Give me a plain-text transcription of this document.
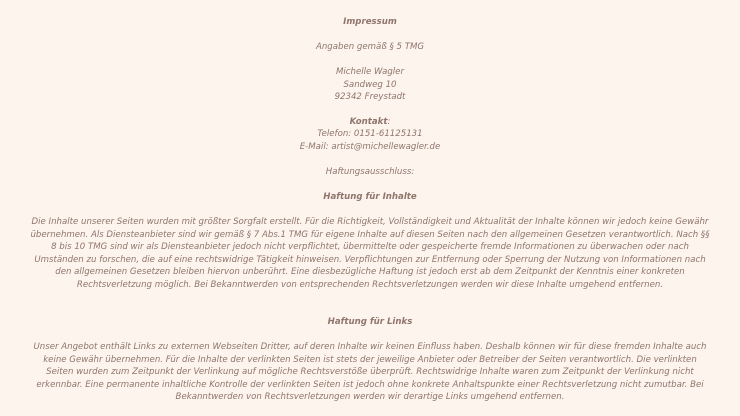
Impressum
Angaben gemäß § 5 TMG
Michelle Wagler
Sandweg 10
92342 Freystadt
Kontakt:
Telefon: 0151-61125131
E-Mail: artist@michellewagler.de
Haftungsausschluss:
Haftung für Inhalte
Die Inhalte unserer Seiten wurden mit größter Sorgfalt erstellt. Für die Richtigkeit, Vollständigkeit und Aktualität der Inhalte können wir jedoch keine Gewähr übernehmen. Als Diensteanbieter sind wir gemäß § 7 Abs.1 TMG für eigene Inhalte auf diesen Seiten nach den allgemeinen Gesetzen verantwortlich. Nach §§ 8 bis 10 TMG sind wir als Diensteanbieter jedoch nicht verpflichtet, übermittelte oder gespeicherte fremde Informationen zu überwachen oder nach Umständen zu forschen, die auf eine rechtswidrige Tätigkeit hinweisen. Verpflichtungen zur Entfernung oder Sperrung der Nutzung von Informationen nach den allgemeinen Gesetzen bleiben hiervon unberührt. Eine diesbezügliche Haftung ist jedoch erst ab dem Zeitpunkt der Kenntnis einer konkreten Rechtsverletzung möglich. Bei Bekanntwerden von entsprechenden Rechtsverletzungen werden wir diese Inhalte umgehend entfernen.
Haftung für Links
Unser Angebot enthält Links zu externen Webseiten Dritter, auf deren Inhalte wir keinen Einfluss haben. Deshalb können wir für diese fremden Inhalte auch keine Gewähr übernehmen. Für die Inhalte der verlinkten Seiten ist stets der jeweilige Anbieter oder Betreiber der Seiten verantwortlich. Die verlinkten Seiten wurden zum Zeitpunkt der Verlinkung auf mögliche Rechtsverstöße überprüft. Rechtswidrige Inhalte waren zum Zeitpunkt der Verlinkung nicht erkennbar. Eine permanente inhaltliche Kontrolle der verlinkten Seiten ist jedoch ohne konkrete Anhaltspunkte einer Rechtsverletzung nicht zumutbar. Bei Bekanntwerden von Rechtsverletzungen werden wir derartige Links umgehend entfernen.
